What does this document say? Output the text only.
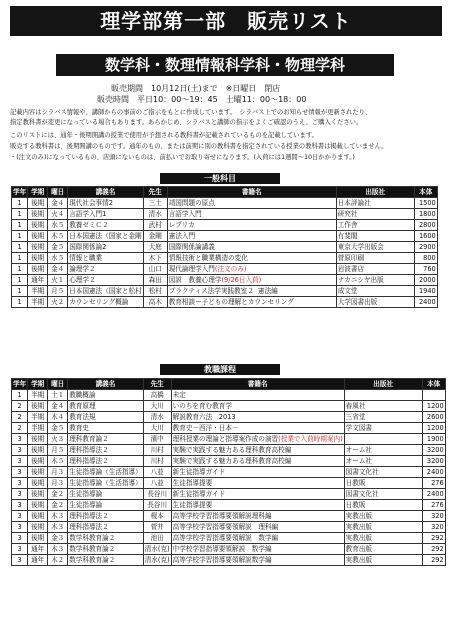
理学部第一部　販売リスト
数学科・数理情報科学科・物理学科
販売期間　10月12日(土)まで　※日曜日　閉店
販売時間　平日10：00～19：45　土曜11：00～18：00
記載内容はシラバス情報や、講師からの事前のご指示をもとに作成しています。　シラバス上でのお知らせ情報が更新されたり、
指定教科書が変更になっている場合もあります。あらかじめ、シラバスと講師の指示をよくご確認のうえ、ご購入ください。
このリストには、通年・後期開講の授業で使用が予想される教科書が記載されているものを記載しています。
販売する教科書は、後期開講のものです。通年のもの、または前期に別の教科書を指定されている授業の教科書は掲載していません。
・(注文のみ)になっているもの、店頭にないものは、前払いでお取り寄せになります。(入荷には1週間～10日かかります。)
一般科目
学年	学期	曜日	講義名	先生	書籍名	出版社	本体
1	後期	金４	現代社会事情2	三土	靖国問題の原点	日本評論社	1500
1	後期	火４	言語学入門1	清水	言語学入門	研究社	1800
1	後期	水５	教養ゼミＣ２	武村	レプリカ	工作舎	2800
1	後期	木５	日本国憲法（国家と金剛	金剛	憲法入門	有斐閣	1600
1	後期	金５	国際関係論2	大庭	国際関係論講義	東京大学出版会	2900
1	後期	水５	情報と職業	木下	情報技術と職業構造の変化	菅原印刷	800
1	後期	金４	論理学２	山口	現代論理学入門(注文のみ)	岩波書店	760
1	通年	火１	心理学２	森田	図説　教養心理学(9/26日入荷)	ナカニシヤ出版	2000
1	半期	月５	日本国憲法（国家と松村	松村	プラクティス法学実践教室２ 憲法編	成文堂	1940
1	半期	火２	カウンセリング概論	高木	教育相談ー子どもの理解とカウンセリング	大学図書出版	2400
教職課程
学年	学期	曜日	講義名	先生	書籍名	出版社	本体
1	半期	土１	教職概論	高橋	未定		
2	後期	金４	教育原理	大川	いのちを育む教育学	春風社	1200
2	半期	木４	教育法規	清水	解説教育六法　2013	三省堂	2600
2	半期	金５	教育史	大川	教育史－西洋・日本－	学文図書	1200
3	後期	火３	理科教育論２	濱中	理科授業の理論と指導案作成の演習(授業で入荷時期案内)		1900
3	後期	月５	理科指導法２	川村	実験で実践する魅力ある理科教育高校編	オーム社	3200
3	後期	木５	理科指導法２	川村	実験で実践する魅力ある理科教育高校編	オーム社	3200
3	後期	月３	生徒指導論（生活指導）	八並	新生徒指導ガイド	図書文化社	2400
3	後期	月３	生徒指導論（生活指導）	八並	生徒指導提要	日教販	276
3	後期	金２	生徒指導論	長谷川	新生徒指導ガイド	図書文化社	2400
3	後期	金２	生徒指導論	長谷川	生徒指導提要	日教販	276
3	後期	木３	理科指導法２	榎本	高等学校学習指導要領解説理科編	実教出版	320
3	後期	木３	理科指導法２	菅井	高等学校学習指導要領解説　理科編	実教出版	320
3	後期	金３	数学科教育論２	池田	高等学校学習指導要領解説　数学編	実教出版	292
3	通年	木３	数学科教育論２	清水(克)	中学校学習指導要領解説　数学編	教育出版	292
3	通年	木２	数学科教育論２	清水(克)	高等学校学習指導要領解説数学編	実教出版	292
